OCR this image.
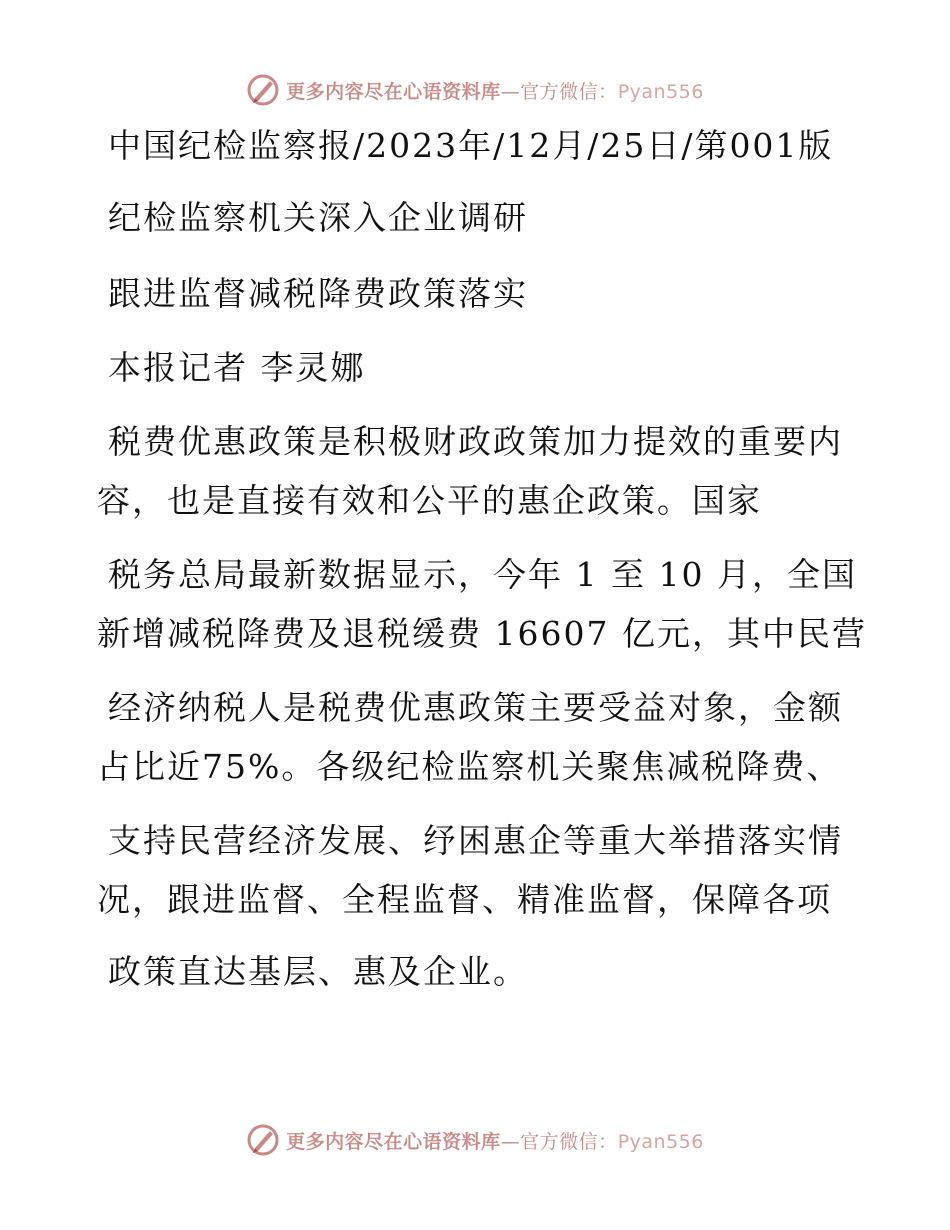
更多内容尽在心语资料库—官方微信：Pyan556
中国纪检监察报/2023年/12月/25日/第001版
纪检监察机关深入企业调研
跟进监督减税降费政策落实
本报记者 李灵娜
税费优惠政策是积极财政政策加力提效的重要内
容，也是直接有效和公平的惠企政策。国家
税务总局最新数据显示，今年 1 至 10 月，全国
新增减税降费及退税缓费 16607 亿元，其中民营
经济纳税人是税费优惠政策主要受益对象，金额
占比近75%。各级纪检监察机关聚焦减税降费、
支持民营经济发展、纾困惠企等重大举措落实情
况，跟进监督、全程监督、精准监督，保障各项
政策直达基层、惠及企业。
更多内容尽在心语资料库—官方微信：Pyan556
